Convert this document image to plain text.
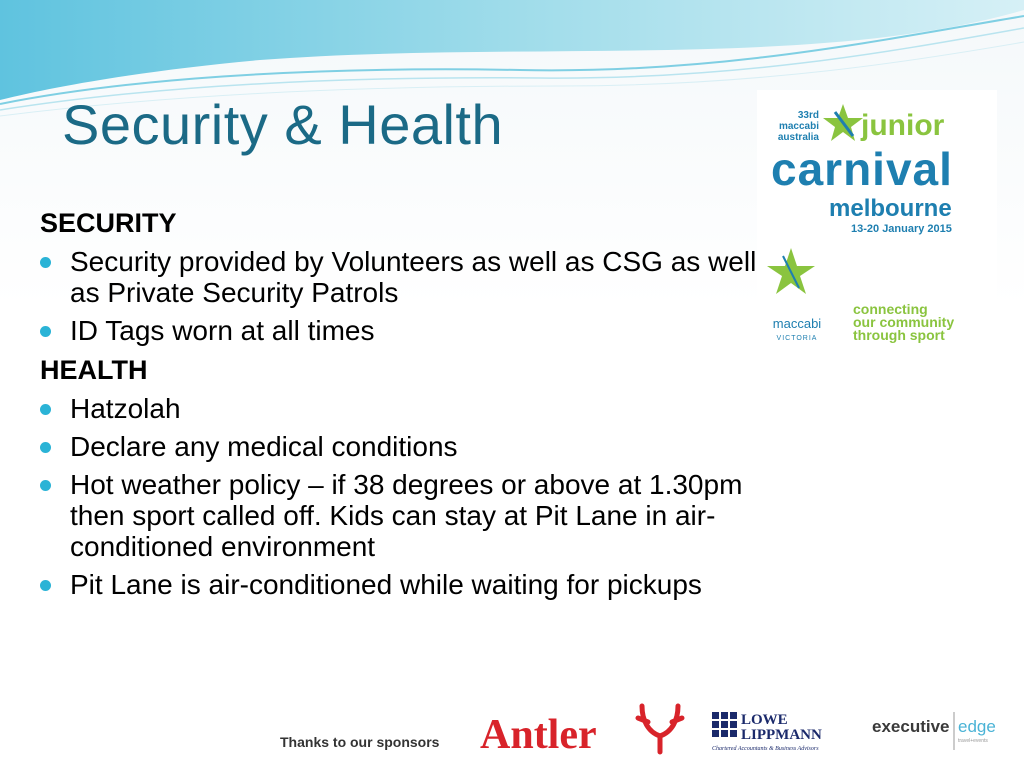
Security & Health
SECURITY
Security provided by Volunteers as well as CSG as well as Private Security Patrols
ID Tags worn at all times
HEALTH
Hatzolah
Declare any medical conditions
Hot weather policy – if 38 degrees or above at 1.30pm then sport called off. Kids can stay at Pit Lane in air-conditioned environment
Pit Lane is air-conditioned while waiting for pickups
33rd
maccabi
australia junior
carnival
melbourne
13-20 January 2015
maccabi
VICTORIA
connecting
our community
through sport
Thanks to our sponsors Antler	LOWE
LIPPMANN
Chartered Accountants & Business Advisors
executive edge
travel+events
